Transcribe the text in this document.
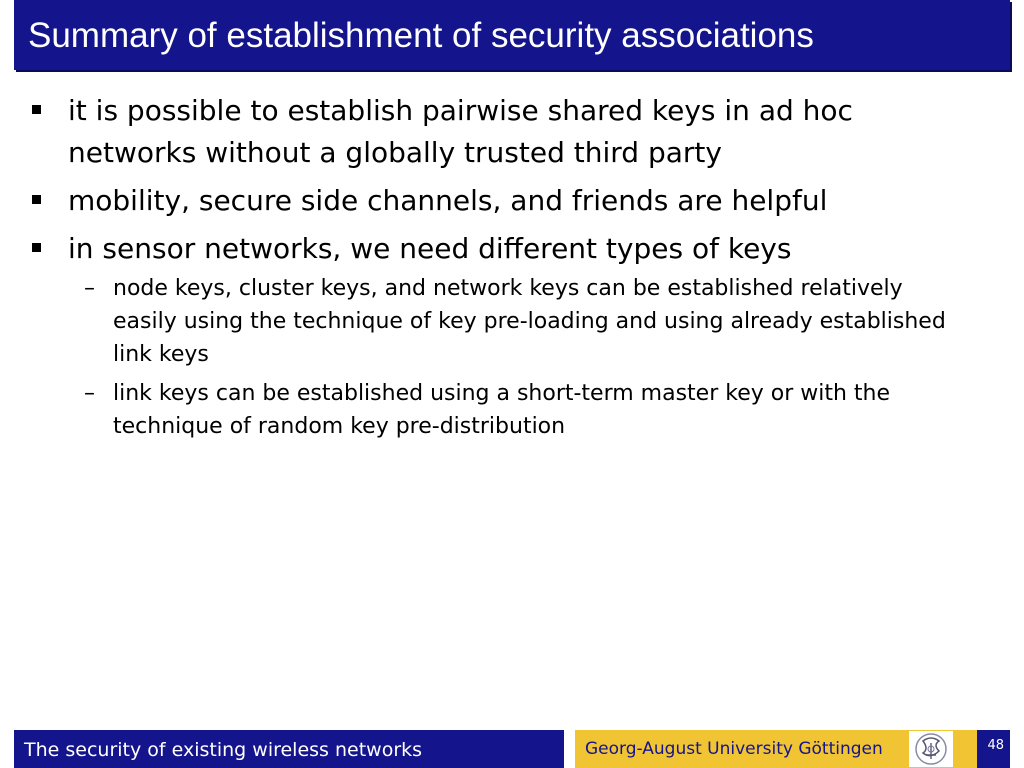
Summary of establishment of security associations
it is possible to establish pairwise shared keys in ad hoc networks without a globally trusted third party
mobility, secure side channels, and friends are helpful
in sensor networks, we need different types of keys
– node keys, cluster keys, and network keys can be established relatively easily using the technique of key pre-loading and using already established link keys
– link keys can be established using a short-term master key or with the technique of random key pre-distribution
The security of existing wireless networks	Georg-August University Göttingen	48
